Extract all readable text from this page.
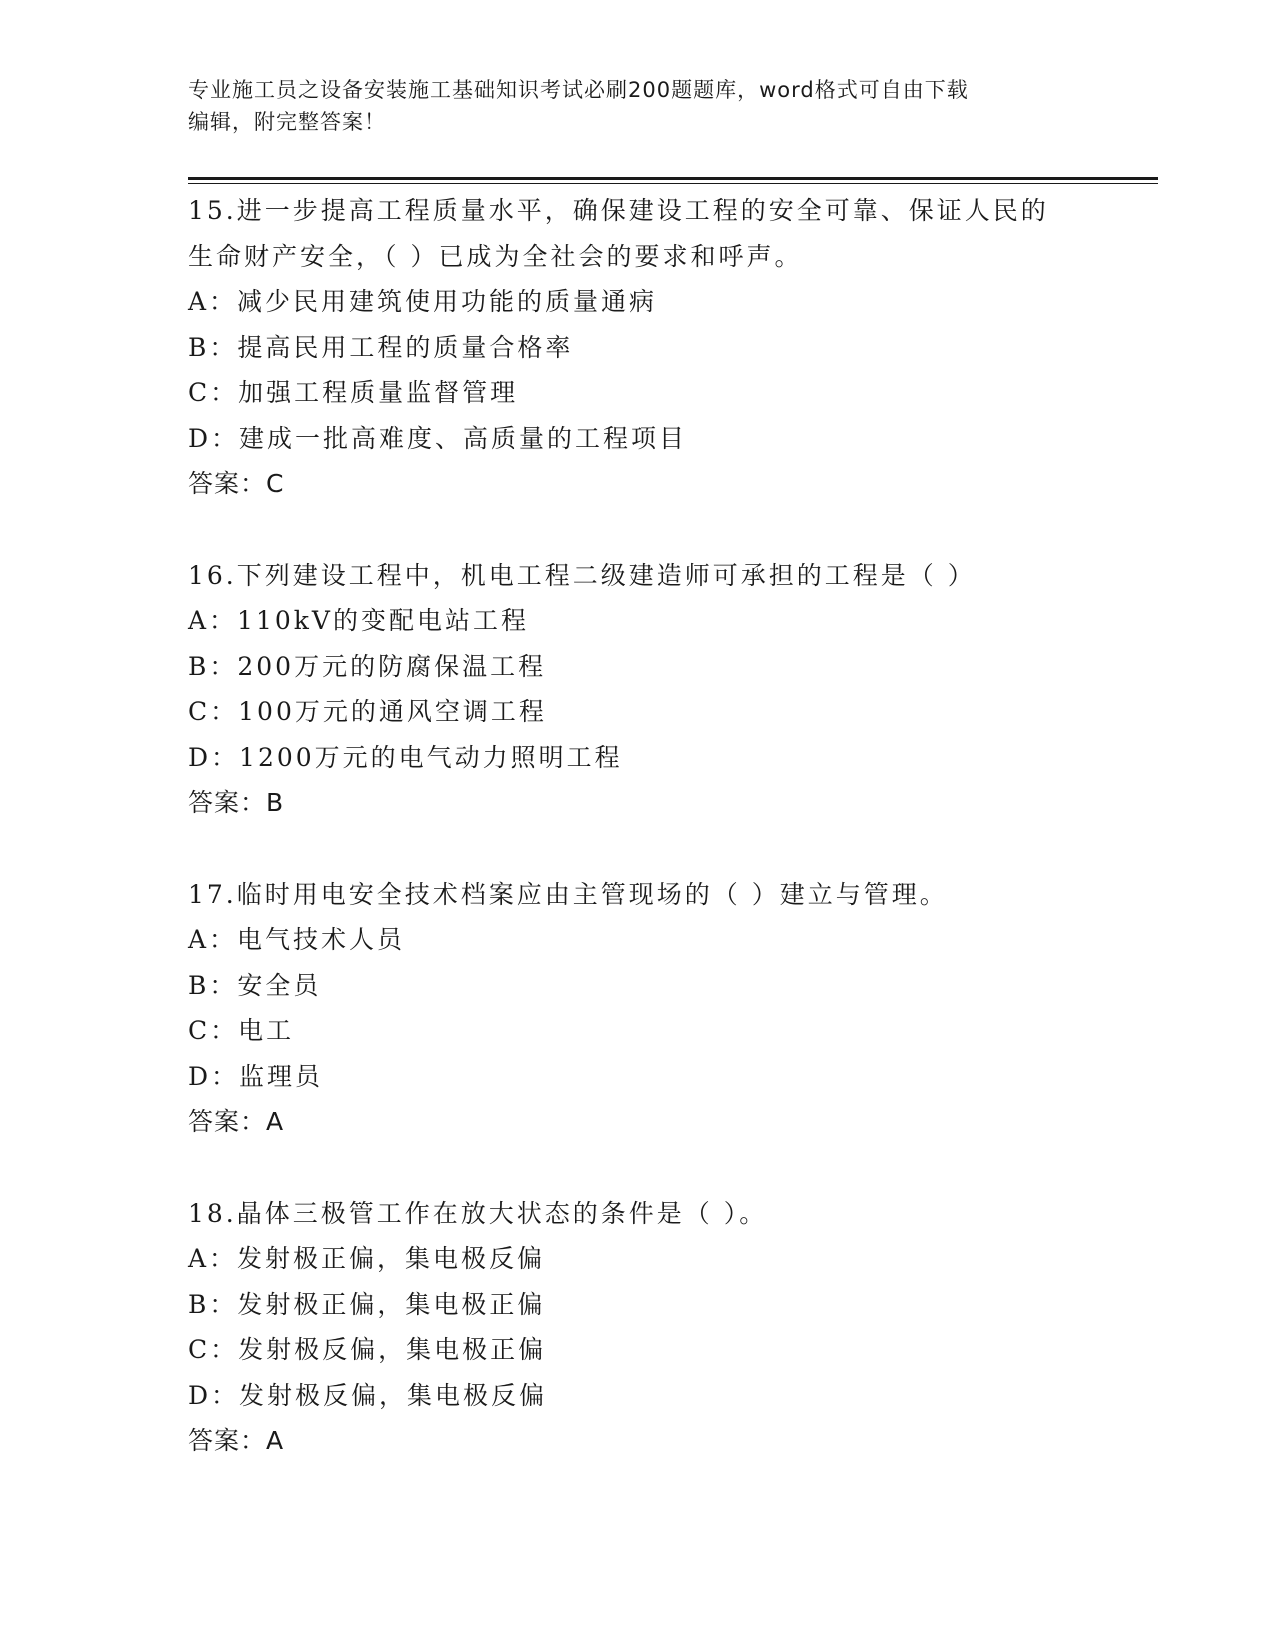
专业施工员之设备安装施工基础知识考试必刷200题题库，word格式可自由下载
编辑，附完整答案！
15.进一步提高工程质量水平，确保建设工程的安全可靠、保证人民的
生命财产安全，（ ）已成为全社会的要求和呼声。
A：减少民用建筑使用功能的质量通病
B：提高民用工程的质量合格率
C：加强工程质量监督管理
D：建成一批高难度、高质量的工程项目
答案：C
16.下列建设工程中，机电工程二级建造师可承担的工程是（ ）
A：110kV的变配电站工程
B：200万元的防腐保温工程
C：100万元的通风空调工程
D：1200万元的电气动力照明工程
答案：B
17.临时用电安全技术档案应由主管现场的（ ）建立与管理。
A：电气技术人员
B：安全员
C：电工
D：监理员
答案：A
18.晶体三极管工作在放大状态的条件是（ ）。
A：发射极正偏，集电极反偏
B：发射极正偏，集电极正偏
C：发射极反偏，集电极正偏
D：发射极反偏，集电极反偏
答案：A
